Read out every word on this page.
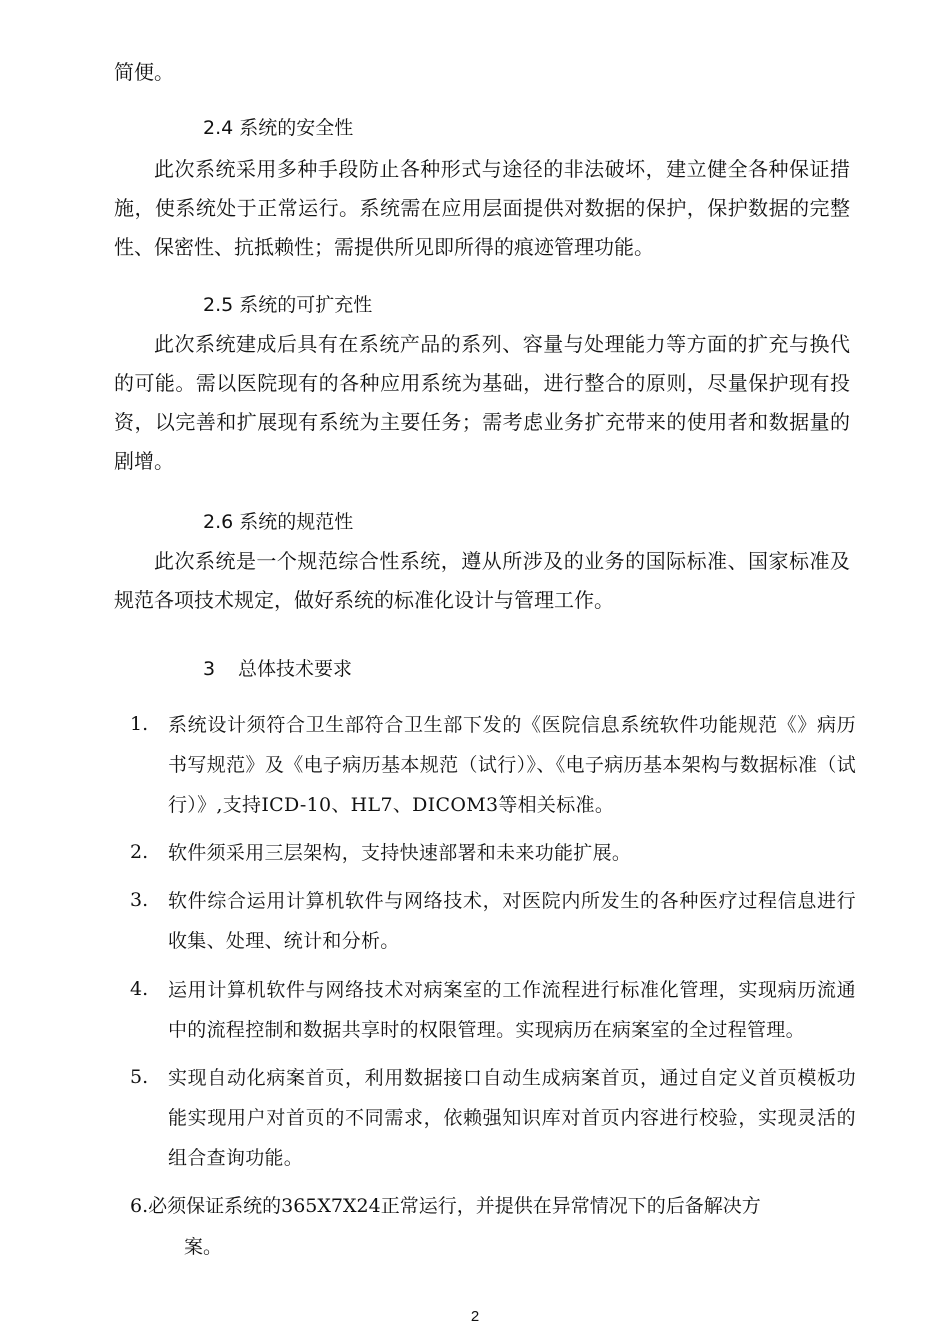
简便。
2.4 系统的安全性
此次系统采用多种手段防止各种形式与途径的非法破坏，建立健全各种保证措施，使系统处于正常运行。系统需在应用层面提供对数据的保护，保护数据的完整性、保密性、抗抵赖性；需提供所见即所得的痕迹管理功能。
2.5 系统的可扩充性
此次系统建成后具有在系统产品的系列、容量与处理能力等方面的扩充与换代的可能。需以医院现有的各种应用系统为基础，进行整合的原则，尽量保护现有投资，以完善和扩展现有系统为主要任务；需考虑业务扩充带来的使用者和数据量的剧增。
2.6 系统的规范性
此次系统是一个规范综合性系统，遵从所涉及的业务的国际标准、国家标准及规范各项技术规定，做好系统的标准化设计与管理工作。
3 总体技术要求
1. 系统设计须符合卫生部符合卫生部下发的《医院信息系统软件功能规范《》病历书写规范》及《电子病历基本规范（试行）》、《电子病历基本架构与数据标准（试行）》,支持ICD-10、HL7、DICOM3等相关标准。
2. 软件须采用三层架构，支持快速部署和未来功能扩展。
3. 软件综合运用计算机软件与网络技术，对医院内所发生的各种医疗过程信息进行收集、处理、统计和分析。
4. 运用计算机软件与网络技术对病案室的工作流程进行标准化管理，实现病历流通中的流程控制和数据共享时的权限管理。实现病历在病案室的全过程管理。
5. 实现自动化病案首页，利用数据接口自动生成病案首页，通过自定义首页模板功能实现用户对首页的不同需求，依赖强知识库对首页内容进行校验，实现灵活的组合查询功能。
6.必须保证系统的365X7X24正常运行，并提供在异常情况下的后备解决方
案。
2
